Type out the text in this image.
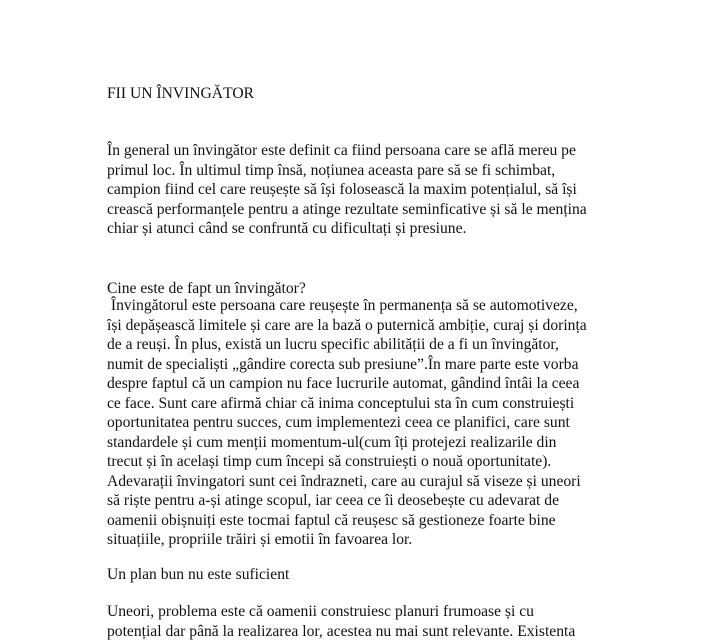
FII UN ÎNVINGĂTOR

În general un învingător este definit ca fiind persoana care se află mereu pe
primul loc. În ultimul timp însă, noțiunea aceasta pare să se fi schimbat,
campion fiind cel care reușește să își folosească la maxim potențialul, să își
crească performanțele pentru a atinge rezultate seminficative și să le mențina
chiar și atunci când se confruntă cu dificultați și presiune.

Cine este de fapt un învingător?

Învingătorul este persoana care reușește în permanența să se automotiveze,
își depășească limitele și care are la bază o puternică ambiție, curaj și dorința
de a reuși. În plus, există un lucru specific abilității de a fi un învingător,
numit de specialiști „gândire corecta sub presiune”.În mare parte este vorba
despre faptul că un campion nu face lucrurile automat, gândind întâi la ceea
ce face. Sunt care afirmă chiar că inima conceptului sta în cum construiești
oportunitatea pentru succes, cum implementezi ceea ce planifici, care sunt
standardele și cum menții momentum-ul(cum îți protejezi realizarile din
trecut și în același timp cum începi să construiești o nouă oportunitate).
Adevarații învingatori sunt cei îndrazneti, care au curajul să viseze și uneori
să riște pentru a-și atinge scopul, iar ceea ce îi deosebește cu adevarat de
oamenii obișnuiți este tocmai faptul că reușesc să gestioneze foarte bine
situațiile, propriile trăiri și emotii în favoarea lor.

Un plan bun nu este suficient

Uneori, problema este că oamenii construiesc planuri frumoase și cu
potențial dar până la realizarea lor, acestea nu mai sunt relevante. Existenta
